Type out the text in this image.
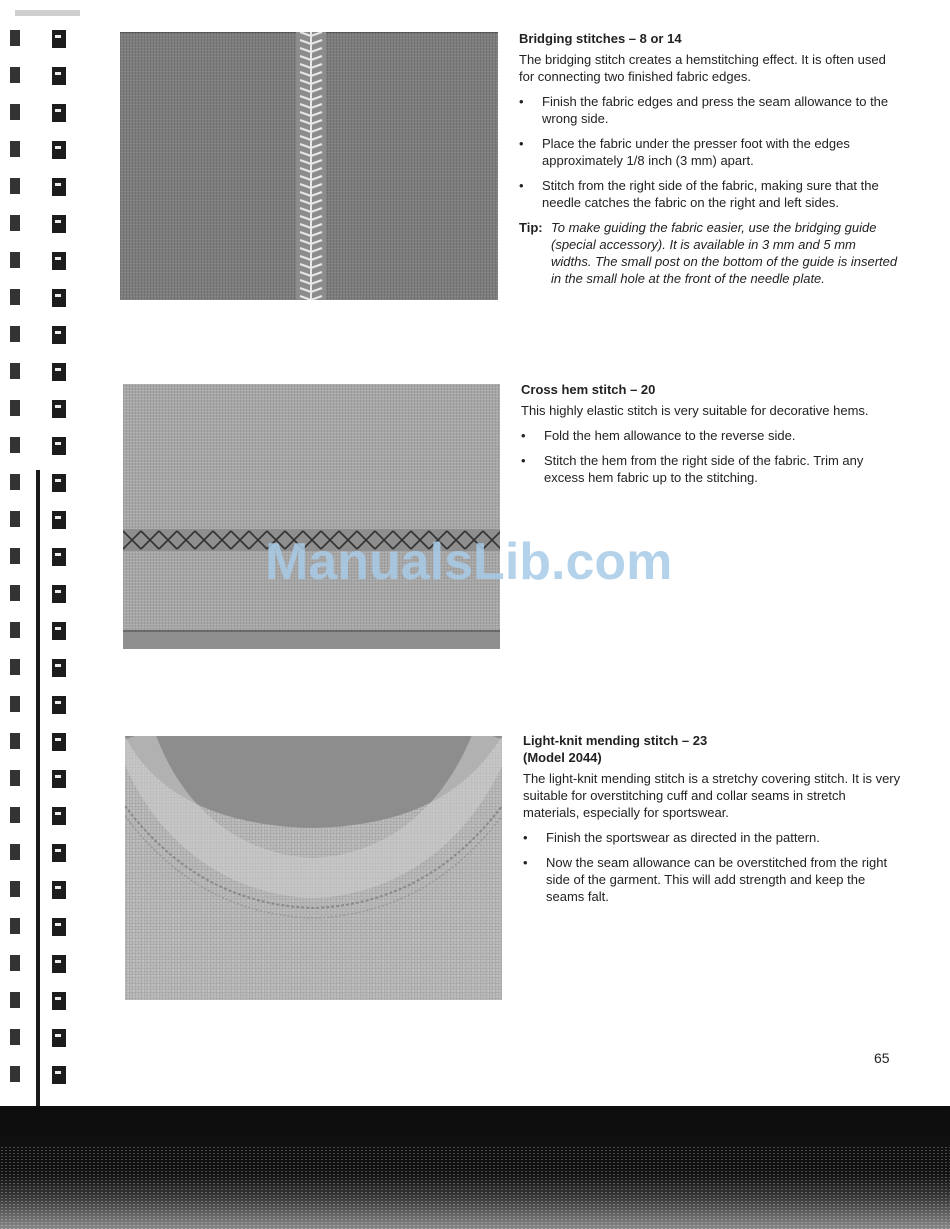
Bridging stitches – 8 or 14

The bridging stitch creates a hemstitching effect. It is often used for connecting two finished fabric edges.

• Finish the fabric edges and press the seam allowance to the wrong side.
• Place the fabric under the presser foot with the edges approximately 1/8 inch (3 mm) apart.
• Stitch from the right side of the fabric, making sure that the needle catches the fabric on the right and left sides.
Tip: To make guiding the fabric easier, use the bridging guide (special accessory). It is available in 3 mm and 5 mm widths. The small post on the bottom of the guide is inserted in the small hole at the front of the needle plate.
Cross hem stitch – 20

This highly elastic stitch is very suitable for decorative hems.

• Fold the hem allowance to the reverse side.
• Stitch the hem from the right side of the fabric. Trim any excess hem fabric up to the stitching.
Light-knit mending stitch – 23
(Model 2044)

The light-knit mending stitch is a stretchy covering stitch. It is very suitable for overstitching cuff and collar seams in stretch materials, especially for sportswear.

• Finish the sportswear as directed in the pattern.
• Now the seam allowance can be overstitched from the right side of the garment. This will add strength and keep the seams falt.
ManualsLib.com
65
